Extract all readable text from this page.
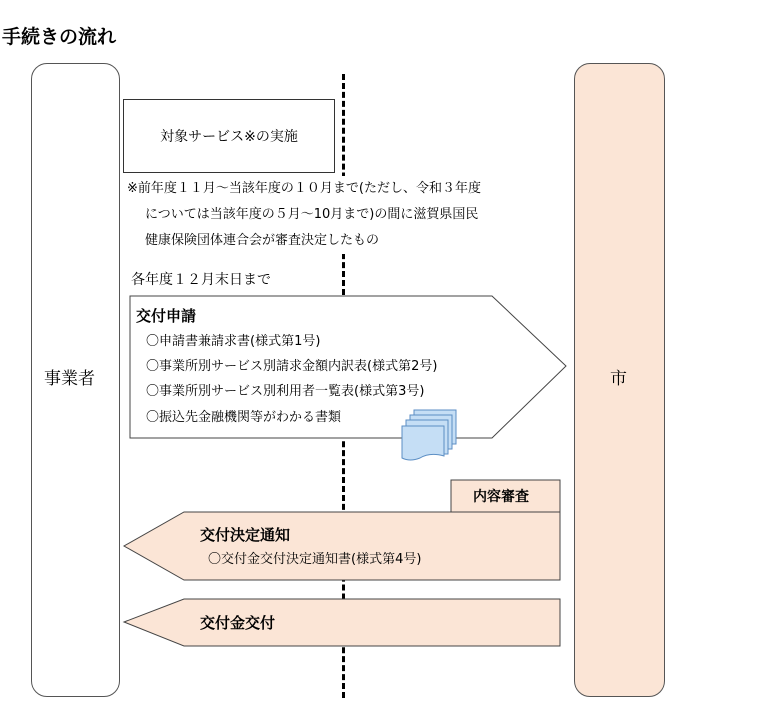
手続きの流れ
事業者	市
対象サービス※の実施
※前年度１１月～当該年度の１０月まで(ただし、令和３年度
については当該年度の５月～10月まで)の間に滋賀県国民
健康保険団体連合会が審査決定したもの
各年度１２月末日まで
交付申請
〇申請書兼請求書(様式第1号)
〇事業所別サービス別請求金額内訳表(様式第2号)
〇事業所別サービス別利用者一覧表(様式第3号)
〇振込先金融機関等がわかる書類
内容審査
交付決定通知
〇交付金交付決定通知書(様式第4号)
交付金交付
